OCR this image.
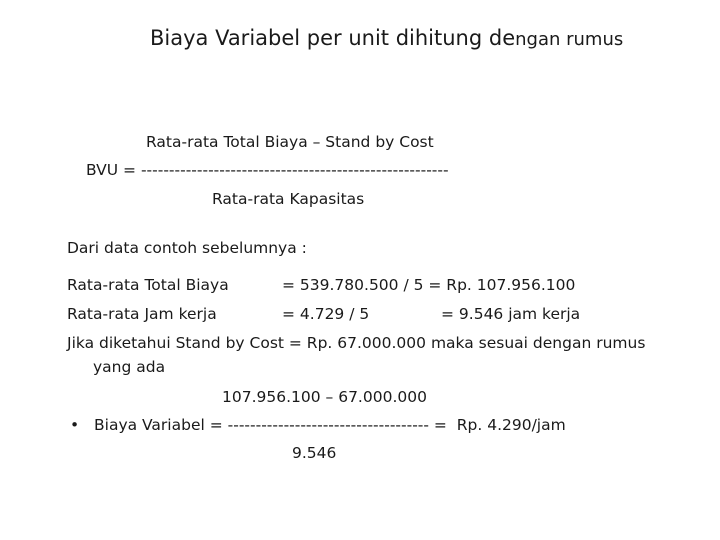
Biaya Variabel per unit dihitung dengan rumus

Rata-rata Total Biaya – Stand by Cost

BVU = -------------------------------------------------------

Rata-rata Kapasitas

Dari data contoh sebelumnya :

Rata-rata Total Biaya	= 539.780.500 / 5 = Rp. 107.956.100

Rata-rata Jam kerja	= 4.729 / 5	= 9.546 jam kerja

Jika diketahui Stand by Cost = Rp. 67.000.000 maka sesuai dengan rumus

yang ada

107.956.100 – 67.000.000

• Biaya Variabel = ------------------------------------ =  Rp. 4.290/jam

9.546
